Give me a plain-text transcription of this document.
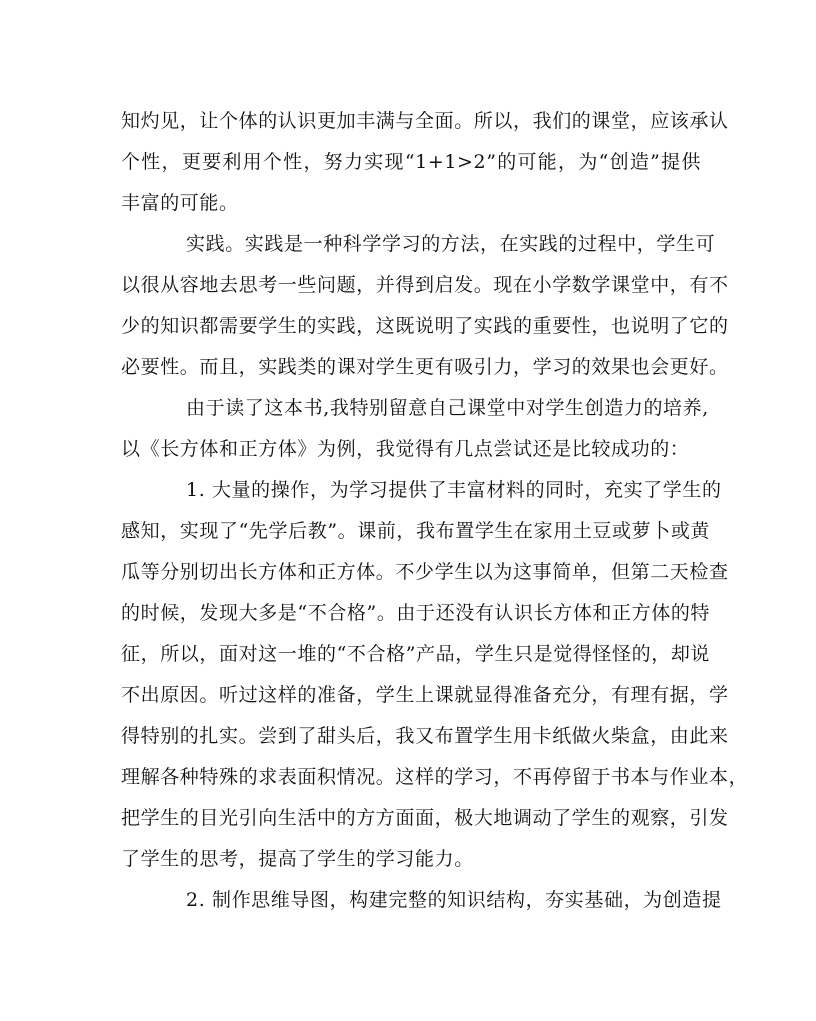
知灼见，让个体的认识更加丰满与全面。所以，我们的课堂，应该承认
个性，更要利用个性，努力实现“1+1>2”的可能，为“创造”提供
丰富的可能。
实践。实践是一种科学学习的方法，在实践的过程中，学生可
以很从容地去思考一些问题，并得到启发。现在小学数学课堂中，有不
少的知识都需要学生的实践，这既说明了实践的重要性，也说明了它的
必要性。而且，实践类的课对学生更有吸引力，学习的效果也会更好。
由于读了这本书,我特别留意自己课堂中对学生创造力的培养,
以《长方体和正方体》为例，我觉得有几点尝试还是比较成功的：
1. 大量的操作，为学习提供了丰富材料的同时，充实了学生的
感知，实现了“先学后教”。课前，我布置学生在家用土豆或萝卜或黄
瓜等分别切出长方体和正方体。不少学生以为这事简单，但第二天检查
的时候，发现大多是“不合格”。由于还没有认识长方体和正方体的特
征，所以，面对这一堆的“不合格”产品，学生只是觉得怪怪的，却说
不出原因。听过这样的准备，学生上课就显得准备充分，有理有据，学
得特别的扎实。尝到了甜头后，我又布置学生用卡纸做火柴盒，由此来
理解各种特殊的求表面积情况。这样的学习，不再停留于书本与作业本，
把学生的目光引向生活中的方方面面，极大地调动了学生的观察，引发
了学生的思考，提高了学生的学习能力。
2. 制作思维导图，构建完整的知识结构，夯实基础，为创造提
